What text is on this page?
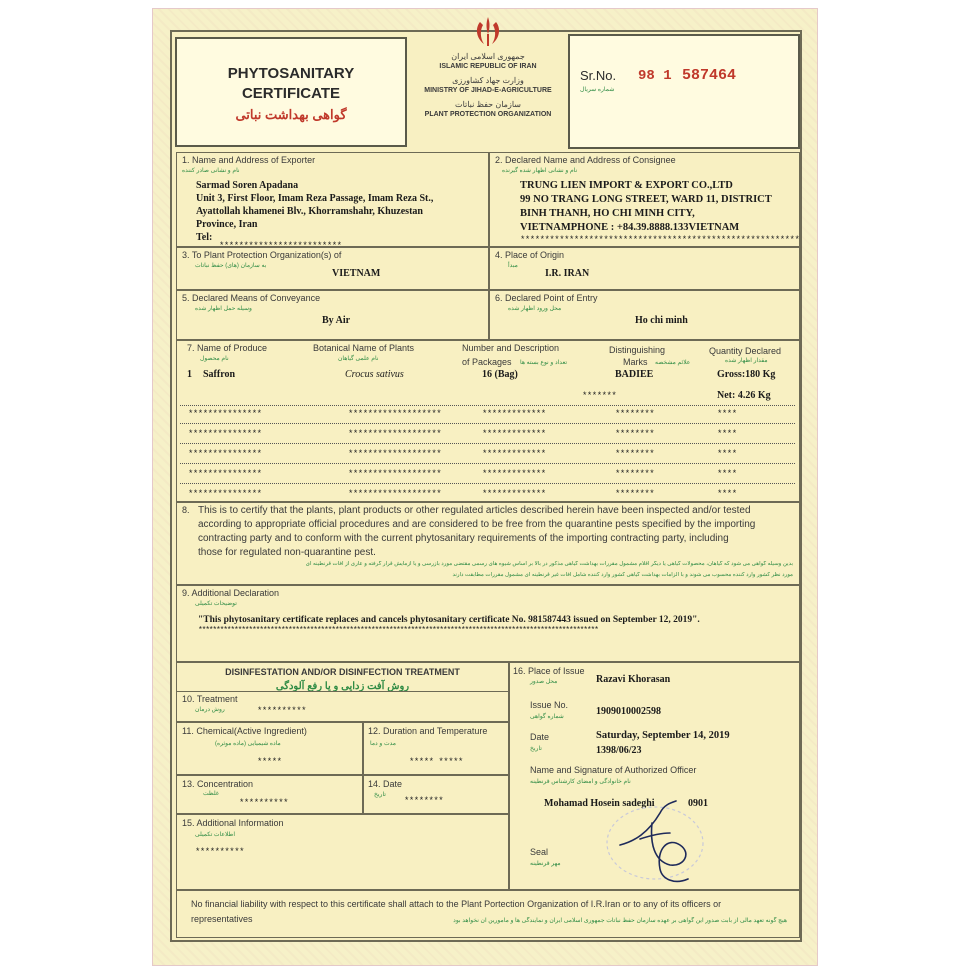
PHYTOSANITARY
CERTIFICATE
گواهی بهداشت نباتی
جمهوری اسلامی ایران
ISLAMIC REPUBLIC OF IRAN
وزارت جهاد کشاورزی
MINISTRY OF JIHAD-E-AGRICULTURE
سازمان حفظ نباتات
PLANT PROTECTION ORGANIZATION
Sr.No.
شماره سریال
98 1 587464
1. Name and Address of Exporter
نام و نشانی صادر کننده
Sarmad Soren Apadana
Unit 3, First Floor, Imam Reza Passage, Imam Reza St.,
Ayattollah khamenei Blv., Khorramshahr, Khuzestan
Province, Iran
Tel:
*************************
2. Declared Name and Address of Consignee
نام و نشانی اظهار شده گیرنده
TRUNG LIEN IMPORT & EXPORT CO.,LTD
99 NO TRANG LONG STREET, WARD 11, DISTRICT
BINH THANH, HO CHI MINH CITY,
VIETNAMPHONE : +84.39.8888.133VIETNAM
*********************************************************
3. To Plant Protection Organization(s) of
به سازمان (های) حفظ نباتات
VIETNAM
4. Place of Origin
مبدأ
I.R. IRAN
5. Declared Means of Conveyance
وسیله حمل اظهار شده
By Air
6. Declared Point of Entry
محل ورود اظهار شده
Ho chi minh
7. Name of Produce
نام محصول
Botanical Name of Plants
نام علمی گیاهان
Number and Description
of Packages تعداد و نوع بسته ها
Distinguishing
Marks علائم مشخصه
Quantity Declared
مقدار اظهار شده
1 Saffron	Crocus sativus	16 (Bag)	BADIEE	Gross:180 Kg
*******	Net: 4.26 Kg
***************	*******************	*************	********	****
***************	*******************	*************	********	****
***************	*******************	*************	********	****
***************	*******************	*************	********	****
***************	*******************	*************	********	****
8. This is to certify that the plants, plant products or other regulated articles described herein have been inspected and/or tested
according to appropriate official procedures and are considered to be free from the quarantine pests specified by the importing
contracting party and to conform with the current phytosanitary requirements of the importing contracting party, including
those for regulated non-quarantine pest.
بدین وسیله گواهی می شود که گیاهان، محصولات گیاهی یا دیگر اقلام مشمول مقررات بهداشت گیاهی مذکور در بالا بر اساس شیوه های رسمی مقتضی مورد بازرسی و یا آزمایش قرار گرفته و عاری از آفات قرنطینه ای
مورد نظر کشور وارد کننده محسوب می شوند و با الزامات بهداشت گیاهی کشور وارد کننده شامل آفات غیر قرنطینه ای مشمول مقررات مطابقت دارند
9. Additional Declaration
توضیحات تکمیلی
"This phytosanitary certificate replaces and cancels phytosanitary certificate No. 981587443 issued on September 12, 2019".
***************************************************************************************************************
DISINFESTATION AND/OR DISINFECTION TREATMENT
روش آفت زدایی و یا رفع آلودگی
10. Treatment
روش درمان	**********
11. Chemical(Active Ingredient)
ماده شیمیایی (ماده موثره)
*****
12. Duration and Temperature
مدت و دما
***** *****
13. Concentration
غلظت
**********
14. Date
تاریخ
********
15. Additional Information
اطلاعات تکمیلی
**********
16. Place of Issue
محل صدور	Razavi Khorasan
Issue No.
شماره گواهی	1909010002598
Date
تاریخ
Saturday, September 14, 2019
1398/06/23
Name and Signature of Authorized Officer
نام خانوادگی و امضای کارشناس قرنطینه
Mohamad Hosein sadeghi	0901
Seal
مهر قرنطینه
No financial liability with respect to this certificate shall attach to the Plant Portection Organization of I.R.Iran or to any of its officers or
representatives	هیچ گونه تعهد مالی از بابت صدور این گواهی بر عهده سازمان حفظ نباتات جمهوری اسلامی ایران و نمایندگی ها و مامورین آن نخواهد بود
